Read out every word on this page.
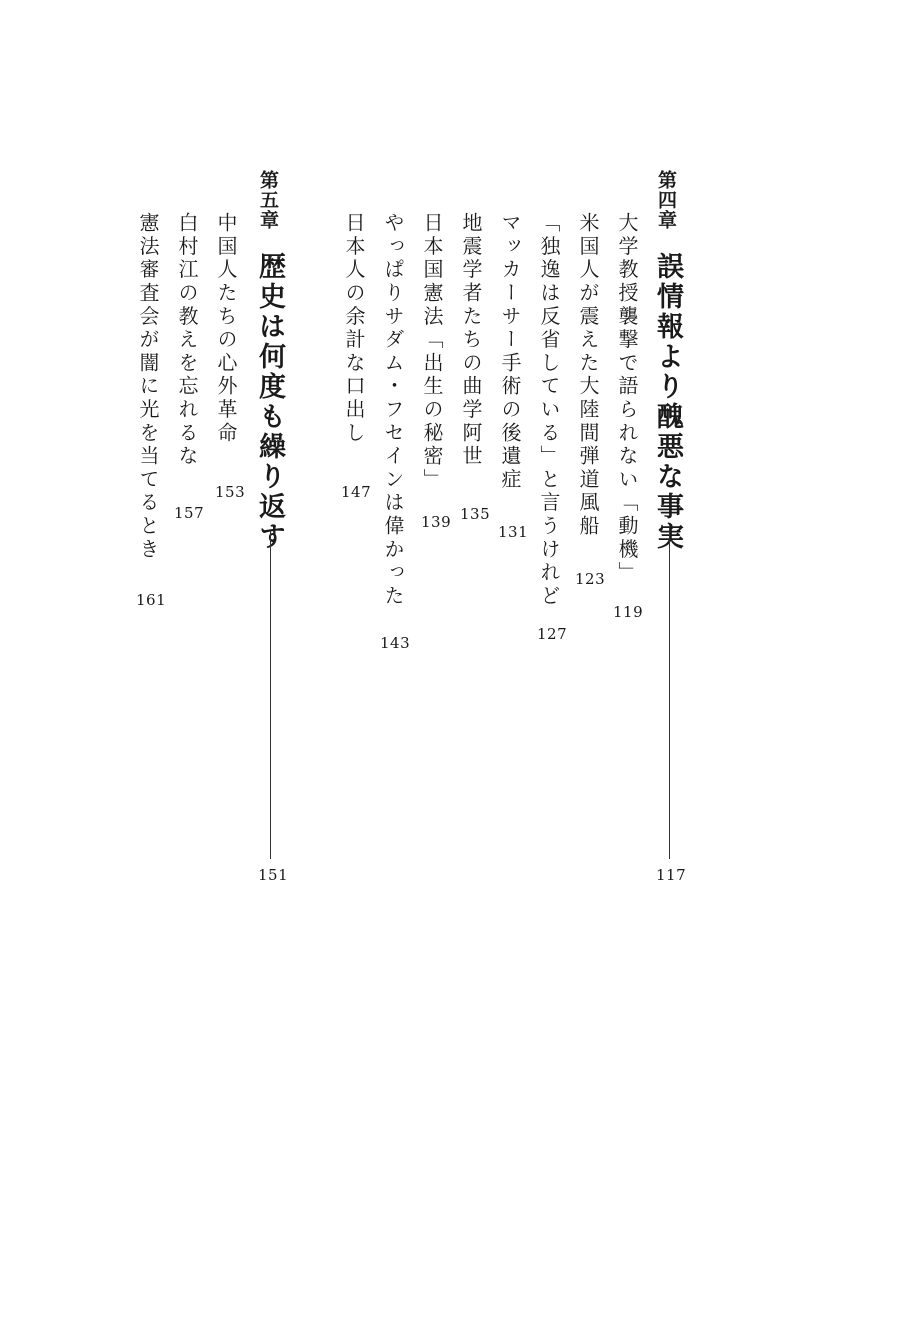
第四章
誤情報より醜悪な事実
117
大学教授襲撃で語られない「動機」
119
米国人が震えた大陸間弾道風船
123
「独逸は反省している」と言うけれど
127
マッカーサー手術の後遺症
131
地震学者たちの曲学阿世
135
日本国憲法「出生の秘密」
139
やっぱりサダム・フセインは偉かった
143
日本人の余計な口出し
147
第五章
歴史は何度も繰り返す
151
中国人たちの心外革命
153
白村江の教えを忘れるな
157
憲法審査会が闇に光を当てるとき
161
